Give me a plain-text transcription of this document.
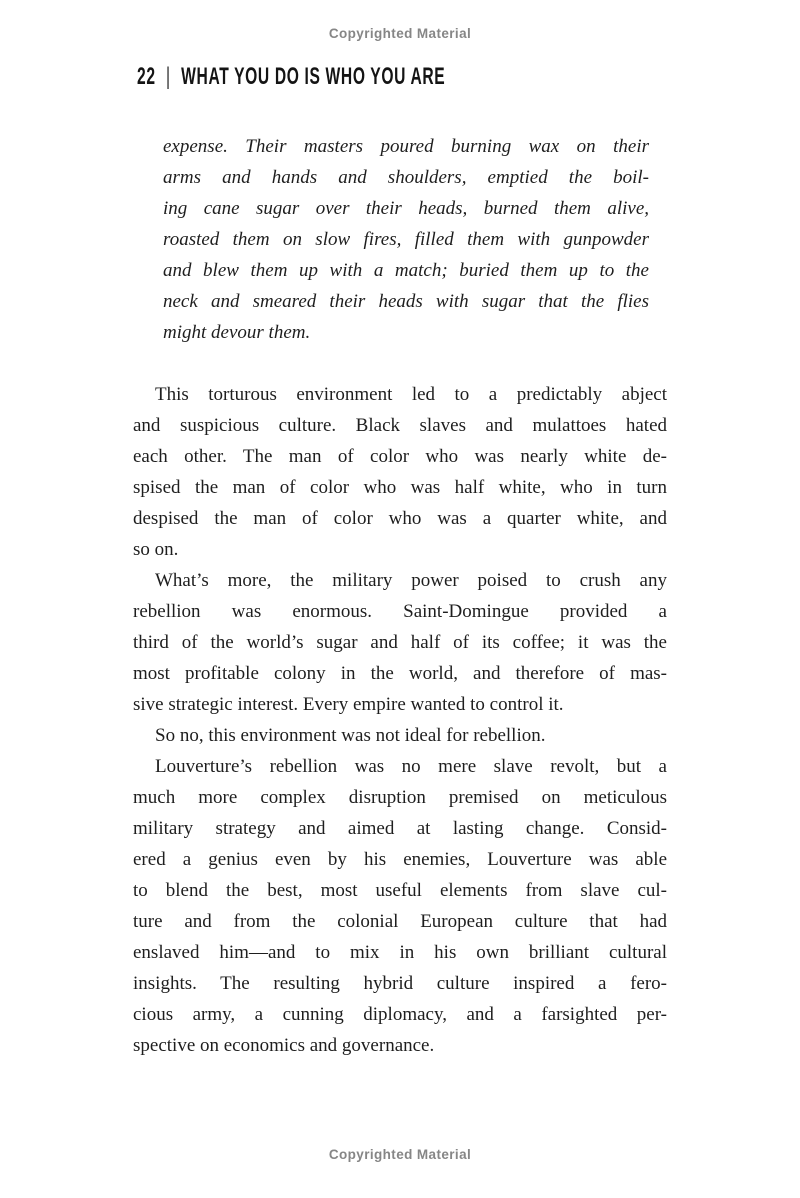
Copyrighted Material
22 | WHAT YOU DO IS WHO YOU ARE
expense. Their masters poured burning wax on their
arms and hands and shoulders, emptied the boil-
ing cane sugar over their heads, burned them alive,
roasted them on slow fires, filled them with gunpowder
and blew them up with a match; buried them up to the
neck and smeared their heads with sugar that the flies
might devour them.
This torturous environment led to a predictably abject
and suspicious culture. Black slaves and mulattoes hated
each other. The man of color who was nearly white de-
spised the man of color who was half white, who in turn
despised the man of color who was a quarter white, and
so on.
What’s more, the military power poised to crush any
rebellion was enormous. Saint-Domingue provided a
third of the world’s sugar and half of its coffee; it was the
most profitable colony in the world, and therefore of mas-
sive strategic interest. Every empire wanted to control it.
So no, this environment was not ideal for rebellion.
Louverture’s rebellion was no mere slave revolt, but a
much more complex disruption premised on meticulous
military strategy and aimed at lasting change. Consid-
ered a genius even by his enemies, Louverture was able
to blend the best, most useful elements from slave cul-
ture and from the colonial European culture that had
enslaved him—and to mix in his own brilliant cultural
insights. The resulting hybrid culture inspired a fero-
cious army, a cunning diplomacy, and a farsighted per-
spective on economics and governance.
Copyrighted Material
